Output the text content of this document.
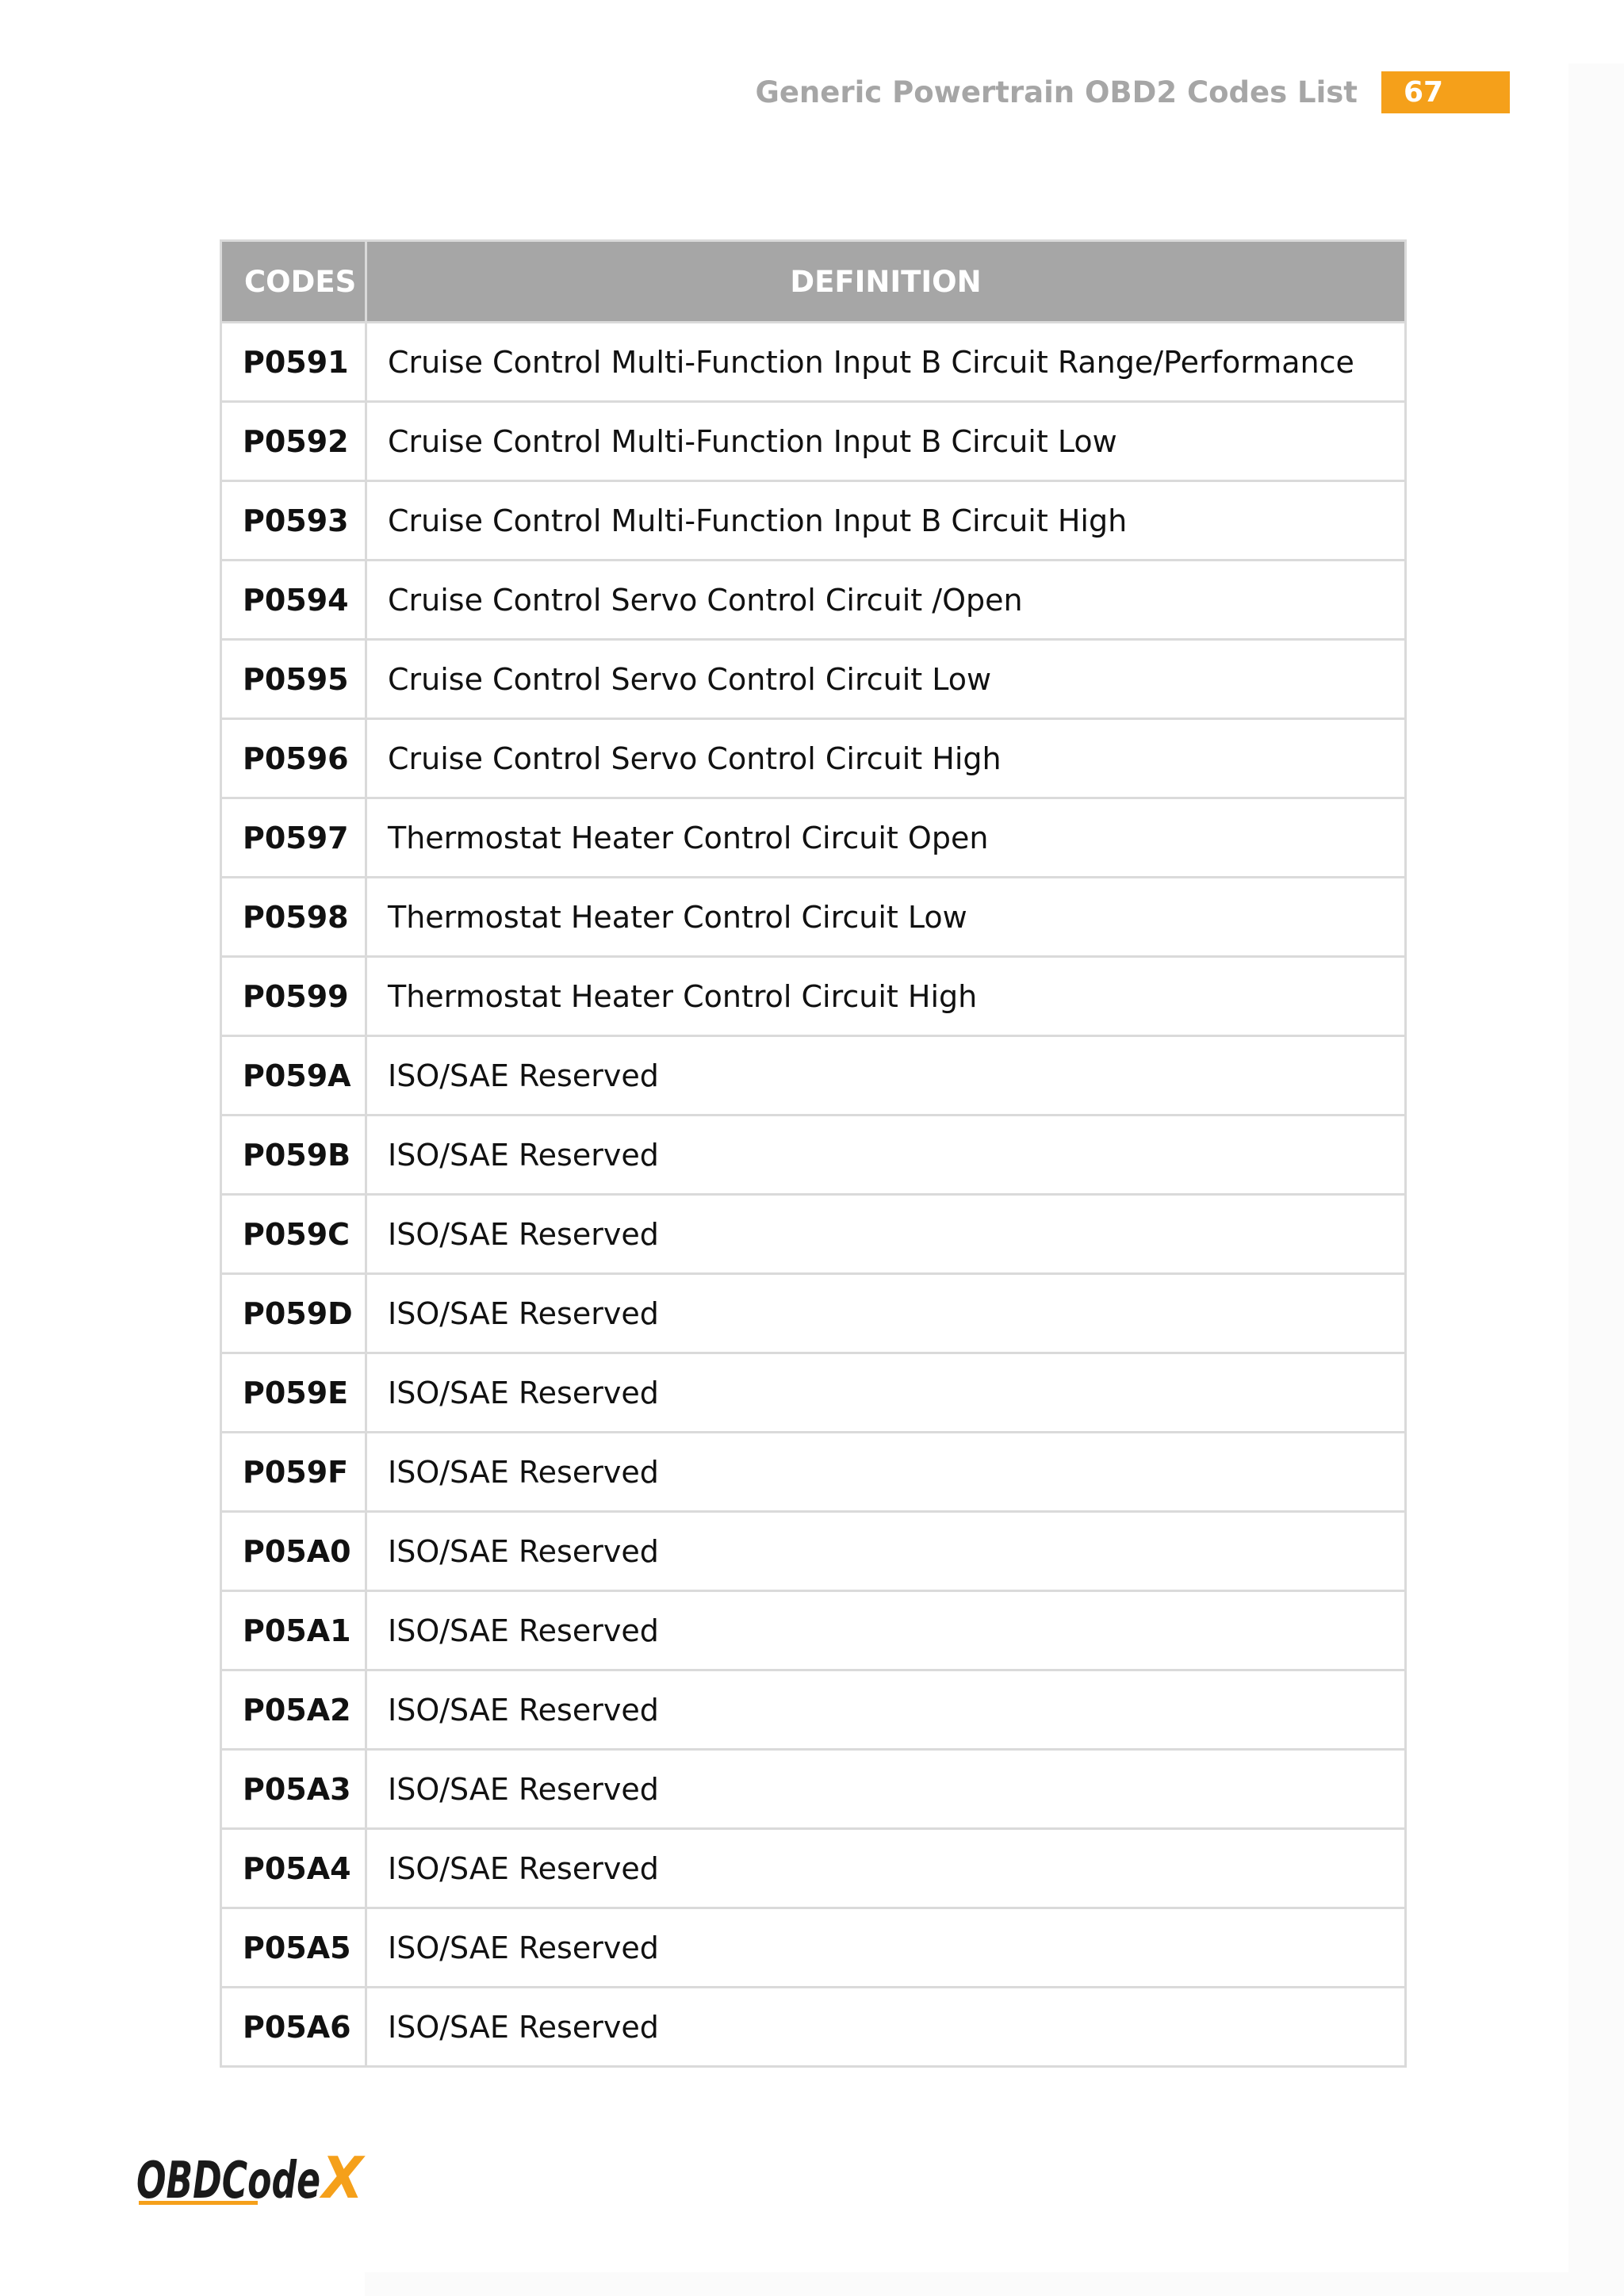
Generic Powertrain OBD2 Codes List	67
CODES	DEFINITION
P0591	Cruise Control Multi-Function Input B Circuit Range/Performance
P0592	Cruise Control Multi-Function Input B Circuit Low
P0593	Cruise Control Multi-Function Input B Circuit High
P0594	Cruise Control Servo Control Circuit /Open
P0595	Cruise Control Servo Control Circuit Low
P0596	Cruise Control Servo Control Circuit High
P0597	Thermostat Heater Control Circuit Open
P0598	Thermostat Heater Control Circuit Low
P0599	Thermostat Heater Control Circuit High
P059A	ISO/SAE Reserved
P059B	ISO/SAE Reserved
P059C	ISO/SAE Reserved
P059D	ISO/SAE Reserved
P059E	ISO/SAE Reserved
P059F	ISO/SAE Reserved
P05A0	ISO/SAE Reserved
P05A1	ISO/SAE Reserved
P05A2	ISO/SAE Reserved
P05A3	ISO/SAE Reserved
P05A4	ISO/SAE Reserved
P05A5	ISO/SAE Reserved
P05A6	ISO/SAE Reserved
OBDCode
X
